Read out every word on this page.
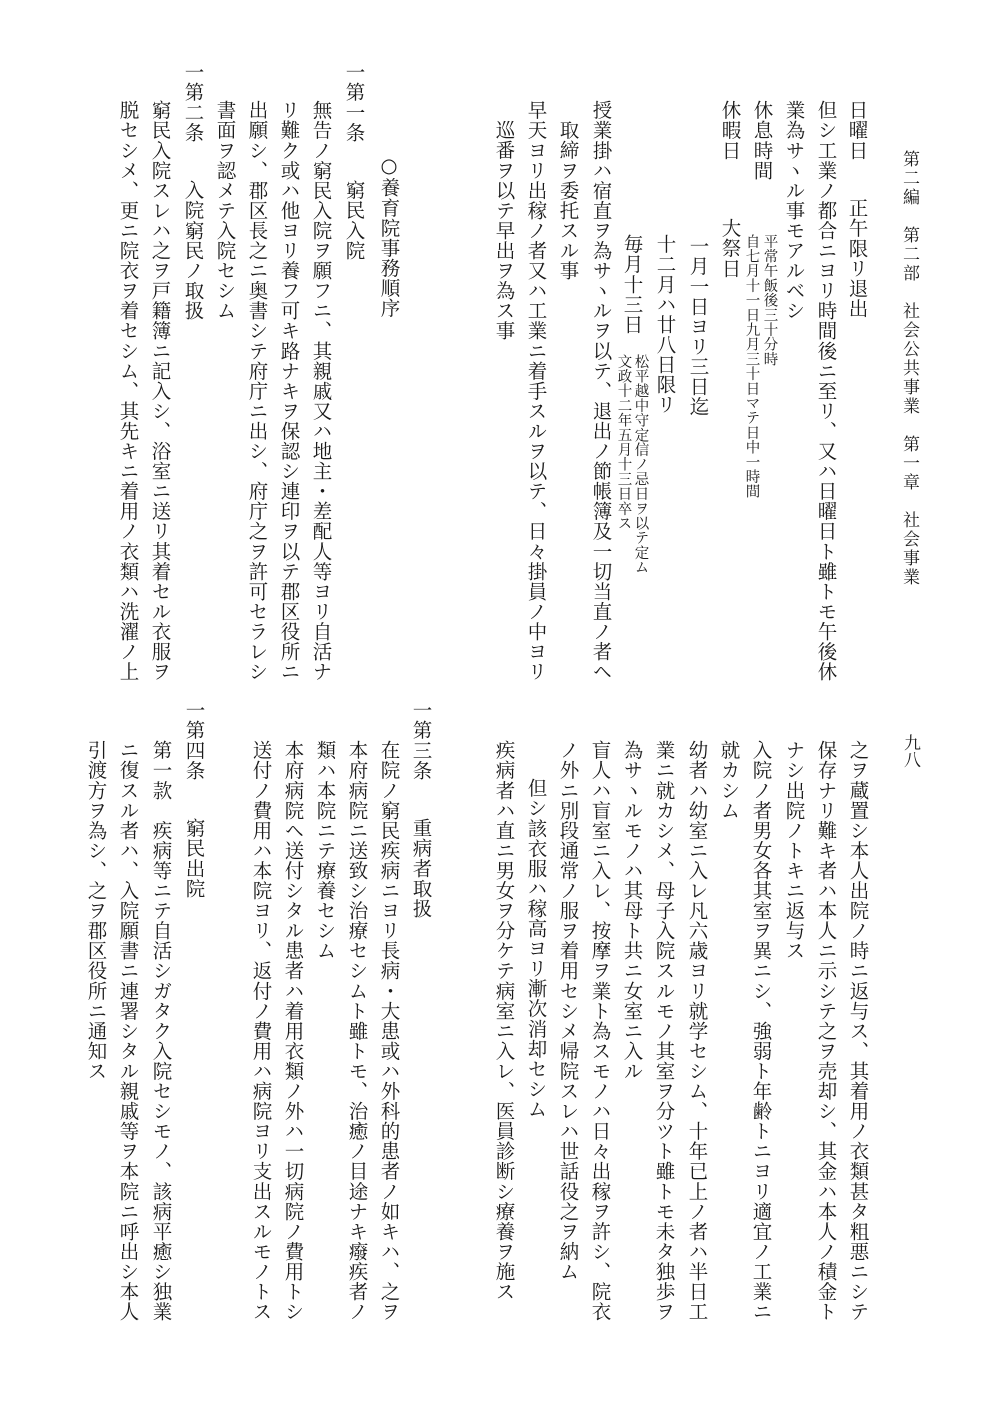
第二編　第二部　社会公共事業　第一章　社会事業
九八
日曜日正午限リ退出
但シ工業ノ都合ニヨリ時間後ニ至リ、又ハ日曜日ト雖トモ午後休
業為サヽル事モアルベシ
休息時間
平常午飯後三十分時
自七月十一日九月三十日マテ日中一時間
休暇日大祭日
一月一日ヨリ三日迄
十二月ハ廿八日限リ
毎月十三日
松平越中守定信ノ忌日ヲ以テ定ム
文政十二年五月十三日卒ス
授業掛ハ宿直ヲ為サヽルヲ以テ、退出ノ節帳簿及一切当直ノ者ヘ
取締ヲ委托スル事
早天ヨリ出稼ノ者又ハ工業ニ着手スルヲ以テ、日々掛員ノ中ヨリ
巡番ヲ以テ早出ヲ為ス事
○養育院事務順序
一第一条窮民入院
無告ノ窮民入院ヲ願フニ、其親戚又ハ地主・差配人等ヨリ自活ナ
リ難ク或ハ他ヨリ養フ可キ路ナキヲ保認シ連印ヲ以テ郡区役所ニ
出願シ、郡区長之ニ奥書シテ府庁ニ出シ、府庁之ヲ許可セラレシ
書面ヲ認メテ入院セシム
一第二条入院窮民ノ取扱
窮民入院スレハ之ヲ戸籍簿ニ記入シ、浴室ニ送リ其着セル衣服ヲ
脱セシメ、更ニ院衣ヲ着セシム、其先キニ着用ノ衣類ハ洗濯ノ上
之ヲ蔵置シ本人出院ノ時ニ返与ス、其着用ノ衣類甚タ粗悪ニシテ
保存ナリ難キ者ハ本人ニ示シテ之ヲ売却シ、其金ハ本人ノ積金ト
ナシ出院ノトキニ返与ス
入院ノ者男女各其室ヲ異ニシ、強弱ト年齢トニヨリ適宜ノ工業ニ
就カシム
幼者ハ幼室ニ入レ凡六歳ヨリ就学セシム、十年已上ノ者ハ半日工
業ニ就カシメ、母子入院スルモノ其室ヲ分ツト雖トモ未タ独歩ヲ
為サヽルモノハ其母ト共ニ女室ニ入ル
盲人ハ盲室ニ入レ、按摩ヲ業ト為スモノハ日々出稼ヲ許シ、院衣
ノ外ニ別段通常ノ服ヲ着用セシメ帰院スレハ世話役之ヲ納ム
但シ該衣服ハ稼高ヨリ漸次消却セシム
疾病者ハ直ニ男女ヲ分ケテ病室ニ入レ、医員診断シ療養ヲ施ス
一第三条重病者取扱
在院ノ窮民疾病ニヨリ長病・大患或ハ外科的患者ノ如キハ、之ヲ
本府病院ニ送致シ治療セシムト雖トモ、治癒ノ目途ナキ癈疾者ノ
類ハ本院ニテ療養セシム
本府病院ヘ送付シタル患者ハ着用衣類ノ外ハ一切病院ノ費用トシ
送付ノ費用ハ本院ヨリ、返付ノ費用ハ病院ヨリ支出スルモノトス
一第四条窮民出院
第一款　疾病等ニテ自活シガタク入院セシモノ、該病平癒シ独業
ニ復スル者ハ、入院願書ニ連署シタル親戚等ヲ本院ニ呼出シ本人
引渡方ヲ為シ、之ヲ郡区役所ニ通知ス
